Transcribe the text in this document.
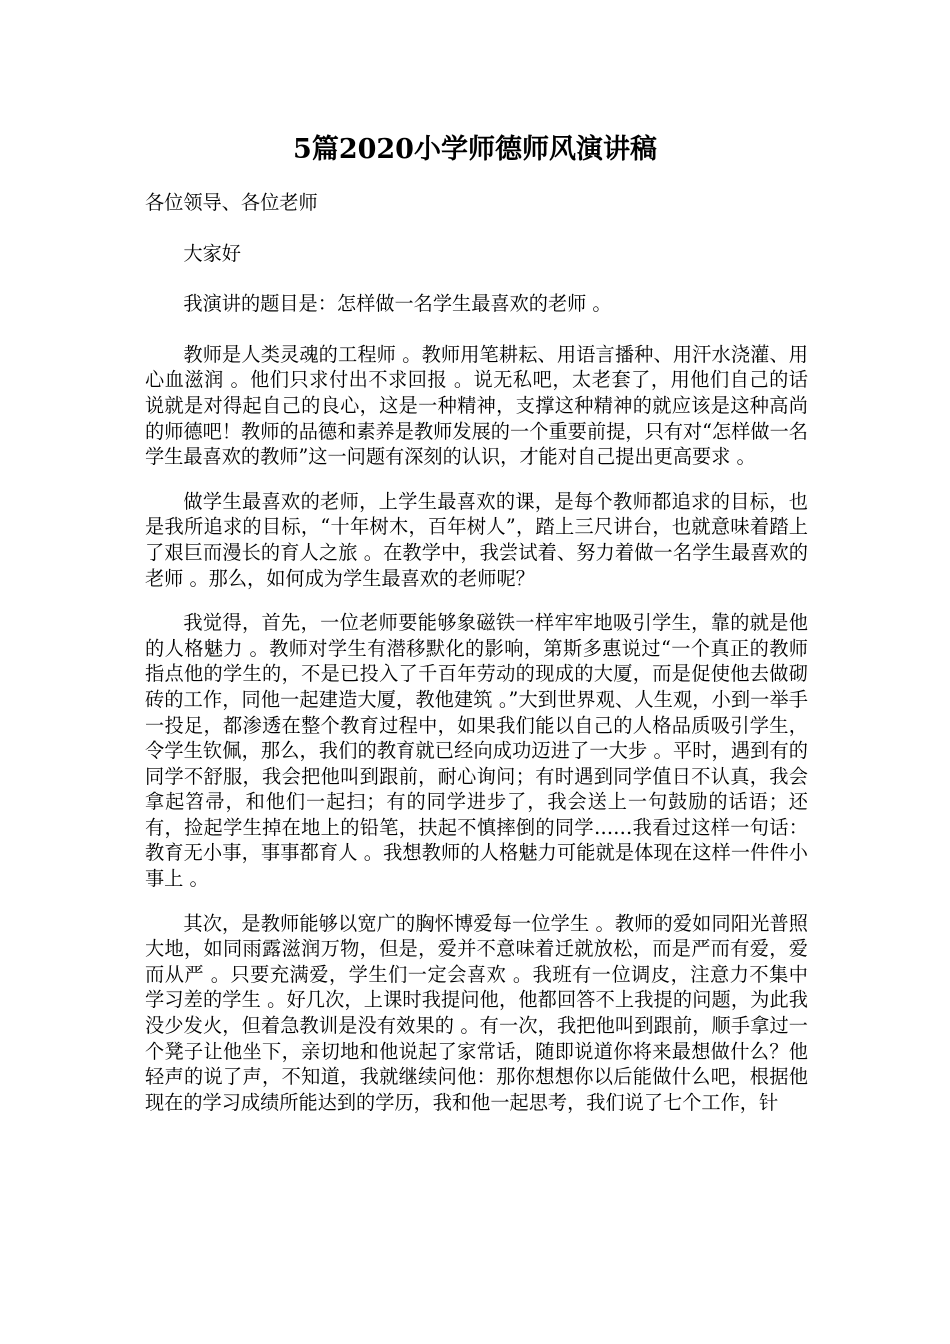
5篇2020小学师德师风演讲稿

各位领导、各位老师

大家好

我演讲的题目是：怎样做一名学生最喜欢的老师 。

教师是人类灵魂的工程师 。教师用笔耕耘、用语言播种、用汗水浇灌、用心血滋润 。他们只求付出不求回报 。说无私吧，太老套了，用他们自己的话说就是对得起自己的良心，这是一种精神，支撑这种精神的就应该是这种高尚的师德吧！教师的品德和素养是教师发展的一个重要前提，只有对“怎样做一名学生最喜欢的教师”这一问题有深刻的认识，才能对自己提出更高要求 。

做学生最喜欢的老师，上学生最喜欢的课，是每个教师都追求的目标，也是我所追求的目标，“十年树木，百年树人”，踏上三尺讲台，也就意味着踏上了艰巨而漫长的育人之旅 。在教学中，我尝试着、努力着做一名学生最喜欢的老师 。那么，如何成为学生最喜欢的老师呢？

我觉得，首先，一位老师要能够象磁铁一样牢牢地吸引学生，靠的就是他的人格魅力 。教师对学生有潜移默化的影响，第斯多惠说过“一个真正的教师指点他的学生的，不是已投入了千百年劳动的现成的大厦，而是促使他去做砌砖的工作，同他一起建造大厦，教他建筑 。”大到世界观、人生观，小到一举手一投足，都渗透在整个教育过程中，如果我们能以自己的人格品质吸引学生，令学生钦佩，那么，我们的教育就已经向成功迈进了一大步 。平时，遇到有的同学不舒服，我会把他叫到跟前，耐心询问；有时遇到同学值日不认真，我会拿起笤帚，和他们一起扫；有的同学进步了，我会送上一句鼓励的话语；还有，捡起学生掉在地上的铅笔，扶起不慎摔倒的同学……我看过这样一句话：教育无小事，事事都育人 。我想教师的人格魅力可能就是体现在这样一件件小事上 。

其次，是教师能够以宽广的胸怀博爱每一位学生 。教师的爱如同阳光普照大地，如同雨露滋润万物，但是，爱并不意味着迁就放松，而是严而有爱，爱而从严 。只要充满爱，学生们一定会喜欢 。我班有一位调皮，注意力不集中学习差的学生 。好几次，上课时我提问他，他都回答不上我提的问题，为此我没少发火，但着急教训是没有效果的 。有一次，我把他叫到跟前，顺手拿过一个凳子让他坐下，亲切地和他说起了家常话，随即说道你将来最想做什么？他轻声的说了声，不知道，我就继续问他：那你想想你以后能做什么吧，根据他现在的学习成绩所能达到的学历，我和他一起思考，我们说了七个工作，针
